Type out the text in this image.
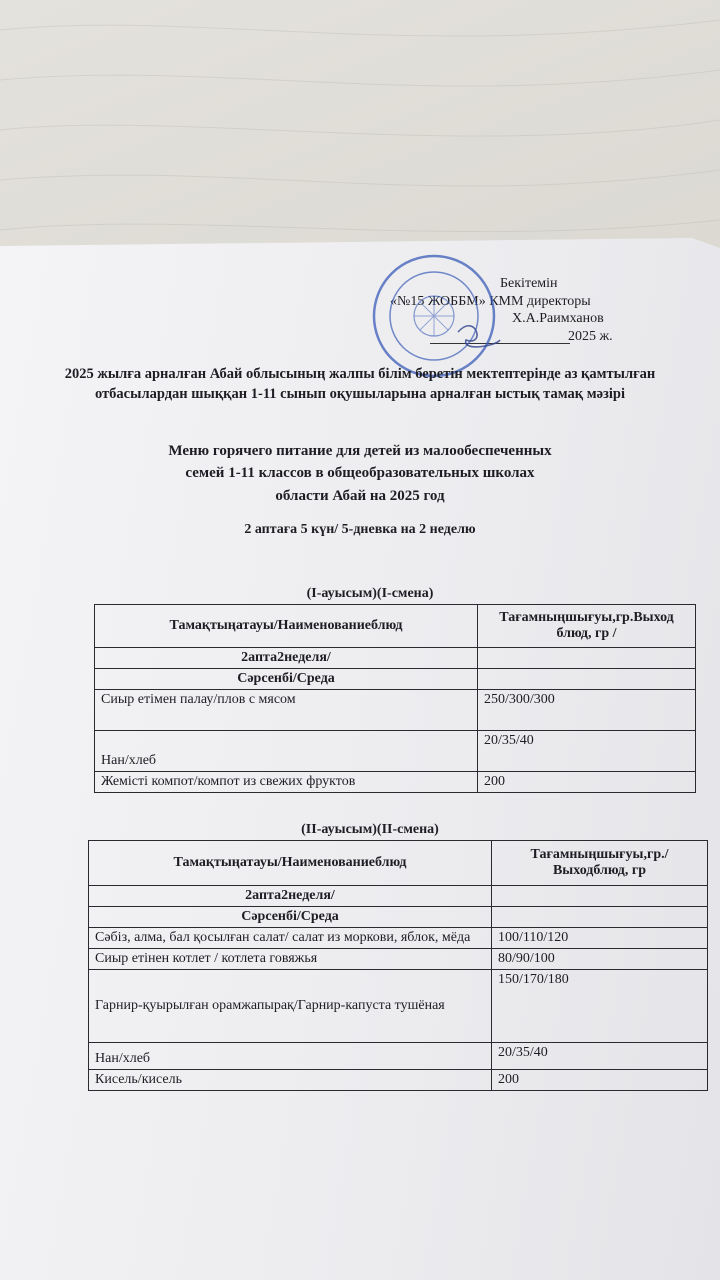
Бекітемін
«№15 ЖОББМ» КММ директоры
Х.А.Раимханов
2025 ж.
2025 жылға арналған Абай облысының жалпы білім беретін мектептерінде аз қамтылған отбасылардан шыққан 1-11 сынып оқушыларына арналған ыстық тамақ мәзірі
Меню горячего питание для детей из малообеспеченных
семей 1-11 классов в общеобразовательных школах
области Абай на 2025 год
2 аптаға 5 күн/ 5-дневка на 2 неделю
(І-ауысым)(І-смена)
Тамақтыңатауы/Наименованиеблюд	Тағамныңшығуы,гр.Выход блюд, гр /
2апта2неделя/	
Сәрсенбі/Среда	
Сиыр етімен палау/плов с мясом	250/300/300
Нан/хлеб	20/35/40
Жемісті компот/компот из свежих фруктов	200
(ІІ-ауысым)(ІІ-смена)
Тамақтыңатауы/Наименованиеблюд	Тағамныңшығуы,гр./Выходблюд, гр
2апта2неделя/	
Сәрсенбі/Среда	
Сәбіз, алма, бал қосылған салат/ салат из моркови, яблок, мёда	100/110/120
Сиыр етінен котлет / котлета говяжья	80/90/100
Гарнир-қуырылған орамжапырақ/Гарнир-капуста тушёная	150/170/180
Нан/хлеб	20/35/40
Кисель/кисель	200
